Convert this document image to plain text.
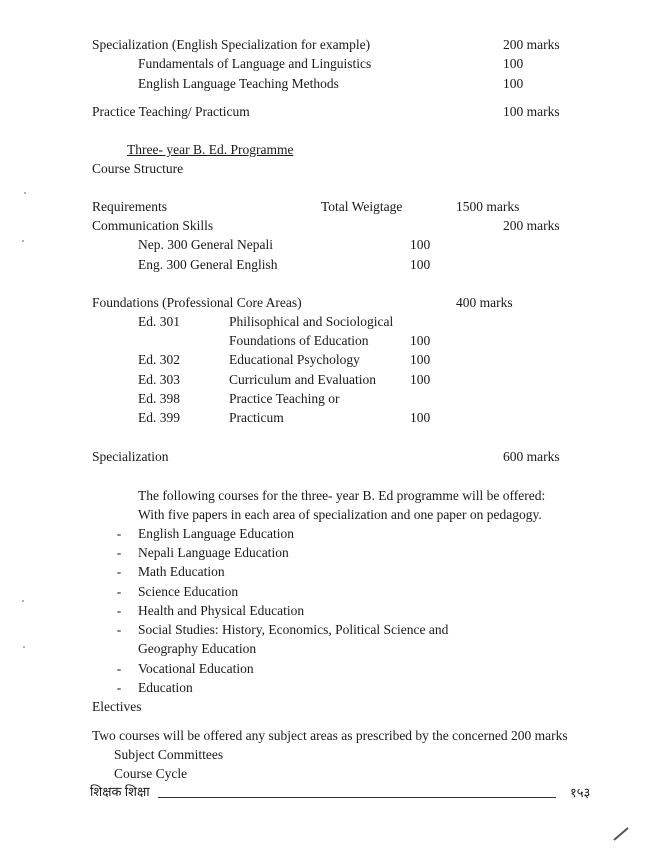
Specialization (English Specialization for example)	200 marks
Fundamentals of Language and Linguistics	100
English Language Teaching Methods	100
Practice Teaching/ Practicum	100 marks
Three- year B. Ed. Programme
Course Structure
Requirements	Total Weigtage	1500 marks
Communication Skills	200 marks
Nep. 300 General Nepali	100
Eng. 300 General English	100
Foundations (Professional Core Areas)	400 marks
Ed. 301	Philisophical and Sociological
Foundations of Education	100
Ed. 302	Educational Psychology	100
Ed. 303	Curriculum and Evaluation	100
Ed. 398	Practice Teaching or
Ed. 399	Practicum	100
Specialization	600 marks
The following courses for the three- year B. Ed programme will be offered:
With five papers in each area of specialization and one paper on pedagogy.
- English Language Education
- Nepali Language Education
- Math Education
- Science Education
- Health and Physical Education
- Social Studies: History, Economics, Political Science and
Geography Education
- Vocational Education
- Education
Electives
Two courses will be offered any subject areas as prescribed by the concerned 200 marks
Subject Committees
Course Cycle
शिक्षक शिक्षा	१५३
